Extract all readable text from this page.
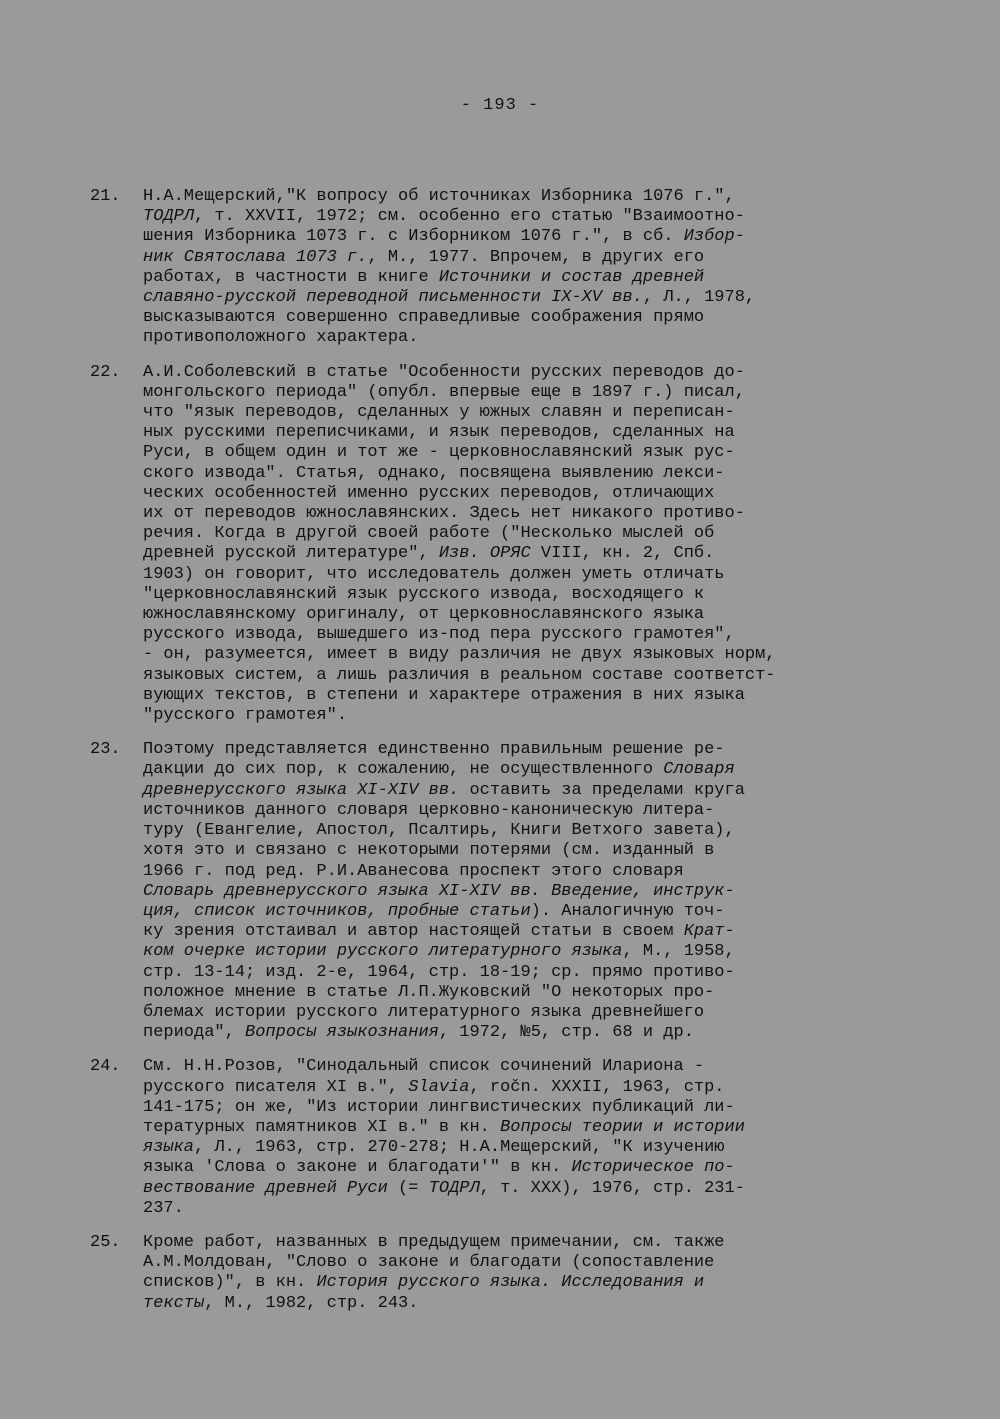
- 193 -
21. Н.А.Мещерский,"К вопросу об источниках Изборника 1076 г.",
ТОДРЛ, т. XXVII, 1972; см. особенно его статью "Взаимоотно-
шения Изборника 1073 г. с Изборником 1076 г.", в сб. Избор-
ник Святослава 1073 г., М., 1977. Впрочем, в других его
работах, в частности в книге Источники и состав древней
славяно-русской переводной письменности IX-XV вв., Л., 1978,
высказываются совершенно справедливые соображения прямо
противоположного характера.
22. А.И.Соболевский в статье "Особенности русских переводов до-
монгольского периода" (опубл. впервые еще в 1897 г.) писал,
что "язык переводов, сделанных у южных славян и переписан-
ных русскими переписчиками, и язык переводов, сделанных на
Руси, в общем один и тот же - церковнославянский язык рус-
ского извода". Статья, однако, посвящена выявлению лекси-
ческих особенностей именно русских переводов, отличающих
их от переводов южнославянских. Здесь нет никакого противо-
речия. Когда в другой своей работе ("Несколько мыслей об
древней русской литературе", Изв. ОРЯС VIII, кн. 2, Спб.
1903) он говорит, что исследователь должен уметь отличать
"церковнославянский язык русского извода, восходящего к
южнославянскому оригиналу, от церковнославянского языка
русского извода, вышедшего из-под пера русского грамотея",
- он, разумеется, имеет в виду различия не двух языковых норм,
языковых систем, а лишь различия в реальном составе соответст-
вующих текстов, в степени и характере отражения в них языка
"русского грамотея".
23. Поэтому представляется единственно правильным решение ре-
дакции до сих пор, к сожалению, не осуществленного Словаря
древнерусского языка XI-XIV вв. оставить за пределами круга
источников данного словаря церковно-каноническую литера-
туру (Евангелие, Апостол, Псалтирь, Книги Ветхого завета),
хотя это и связано с некоторыми потерями (см. изданный в
1966 г. под ред. Р.И.Аванесова проспект этого словаря
Словарь древнерусского языка XI-XIV вв. Введение, инструк-
ция, список источников, пробные статьи). Аналогичную точ-
ку зрения отстаивал и автор настоящей статьи в своем Крат-
ком очерке истории русского литературного языка, М., 1958,
стр. 13-14; изд. 2-е, 1964, стр. 18-19; ср. прямо противо-
положное мнение в статье Л.П.Жуковский "О некоторых про-
блемах истории русского литературного языка древнейшего
периода", Вопросы языкознания, 1972, №5, стр. 68 и др.
24. См. Н.Н.Розов, "Синодальный список сочинений Илариона -
русского писателя XI в.", Slavia, ročn. XXXII, 1963, стр.
141-175; он же, "Из истории лингвистических публикаций ли-
тературных памятников XI в." в кн. Вопросы теории и истории
языка, Л., 1963, стр. 270-278; Н.А.Мещерский, "К изучению
языка 'Слова о законе и благодати'" в кн. Историческое по-
вествование древней Руси (= ТОДРЛ, т. XXX), 1976, стр. 231-
237.
25. Кроме работ, названных в предыдущем примечании, см. также
А.М.Молдован, "Слово о законе и благодати (сопоставление
списков)", в кн. История русского языка. Исследования и
тексты, М., 1982, стр. 243.
